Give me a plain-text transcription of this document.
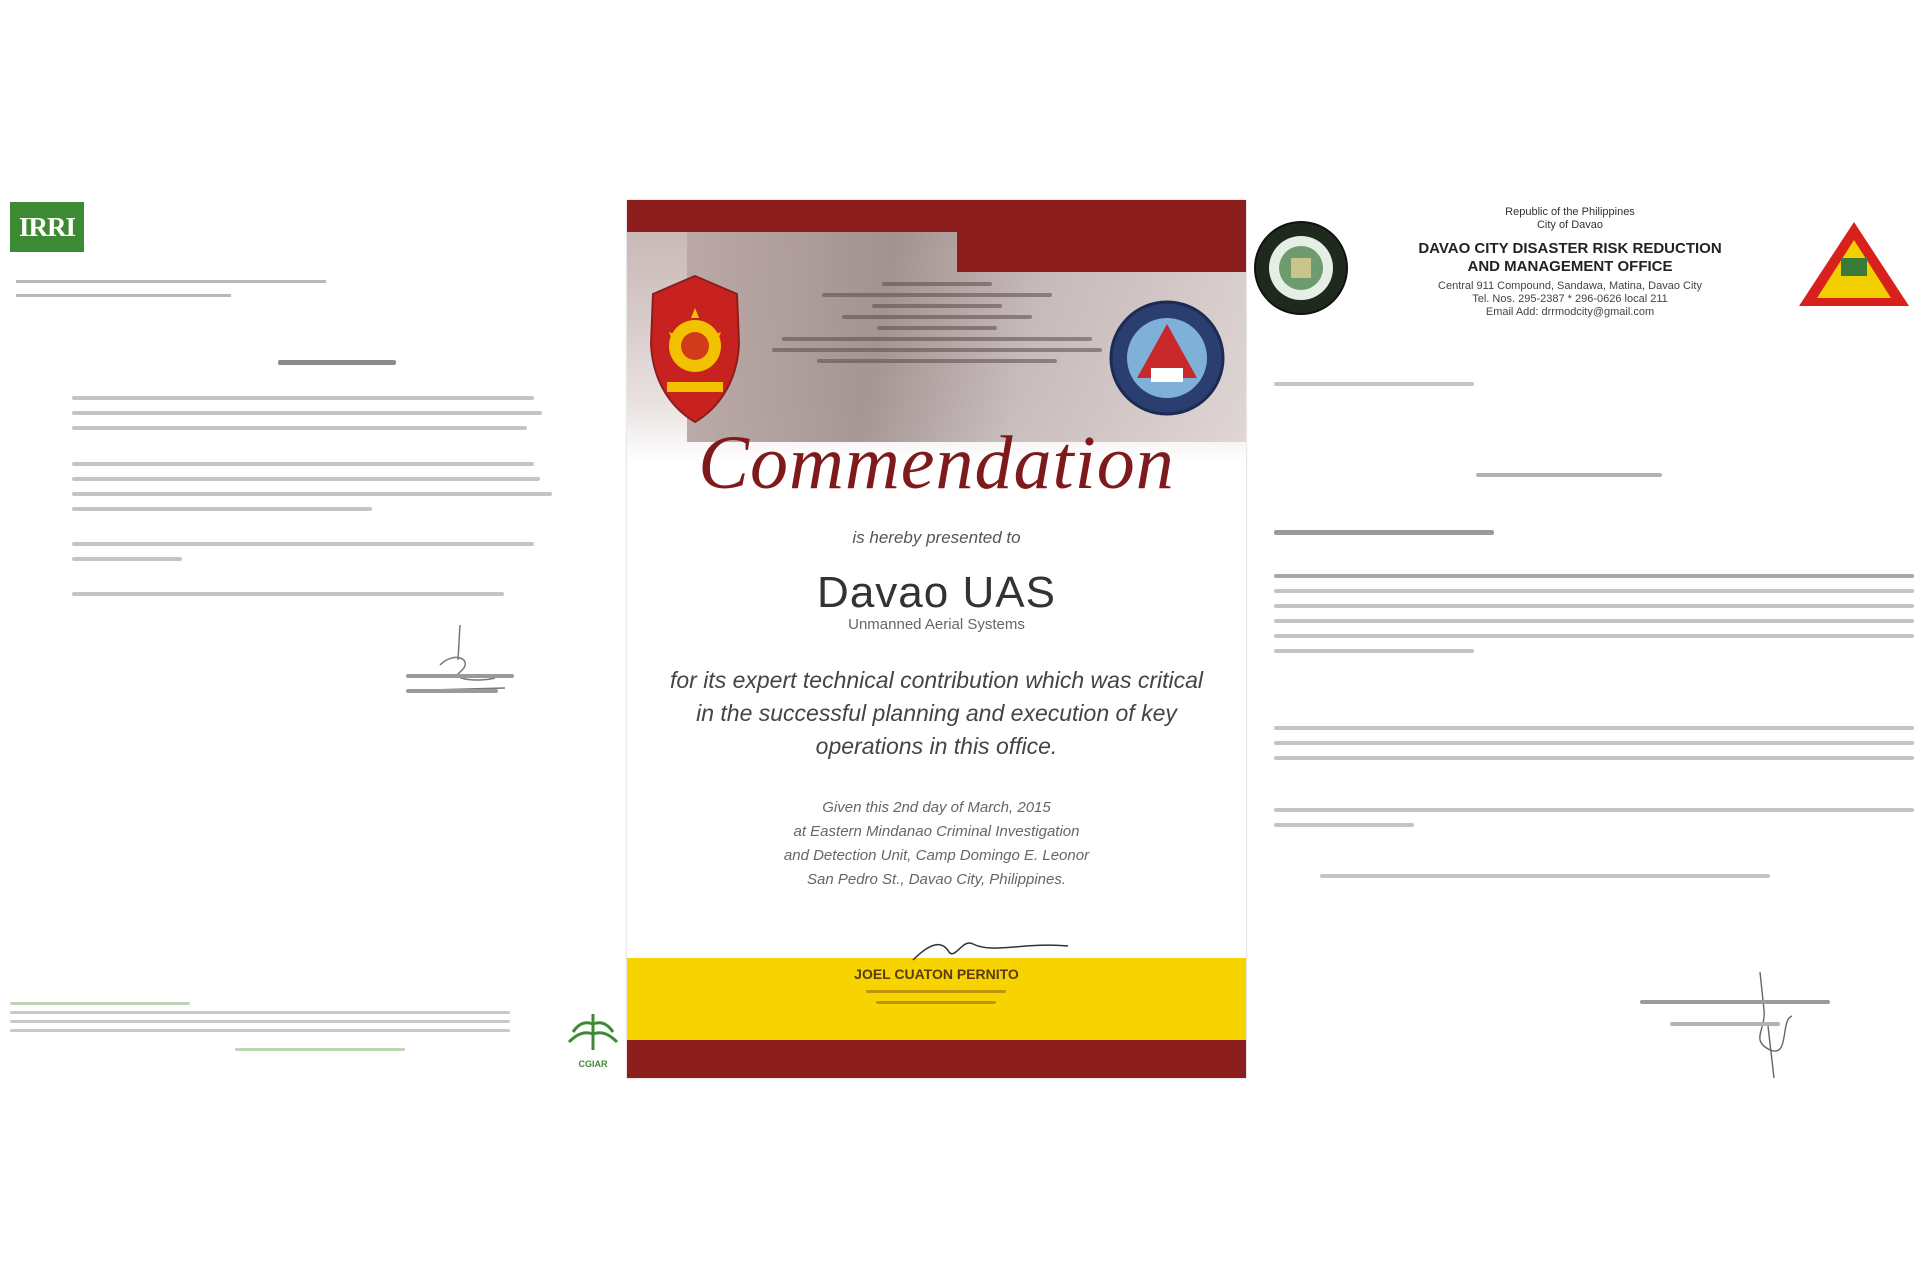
IRRI
CGIAR
Commendation
is hereby presented to
Davao UAS
Unmanned Aerial Systems
for its expert technical contribution which was critical in the successful planning and execution of key operations in this office.
Given this 2nd day of March, 2015
at Eastern Mindanao Criminal Investigation
and Detection Unit, Camp Domingo E. Leonor
San Pedro St., Davao City, Philippines.
JOEL CUATON PERNITO
Republic of the Philippines
City of Davao
DAVAO CITY DISASTER RISK REDUCTION
AND MANAGEMENT OFFICE
Central 911 Compound, Sandawa, Matina, Davao City
Tel. Nos. 295-2387 * 296-0626 local 211
Email Add: drrmodcity@gmail.com
